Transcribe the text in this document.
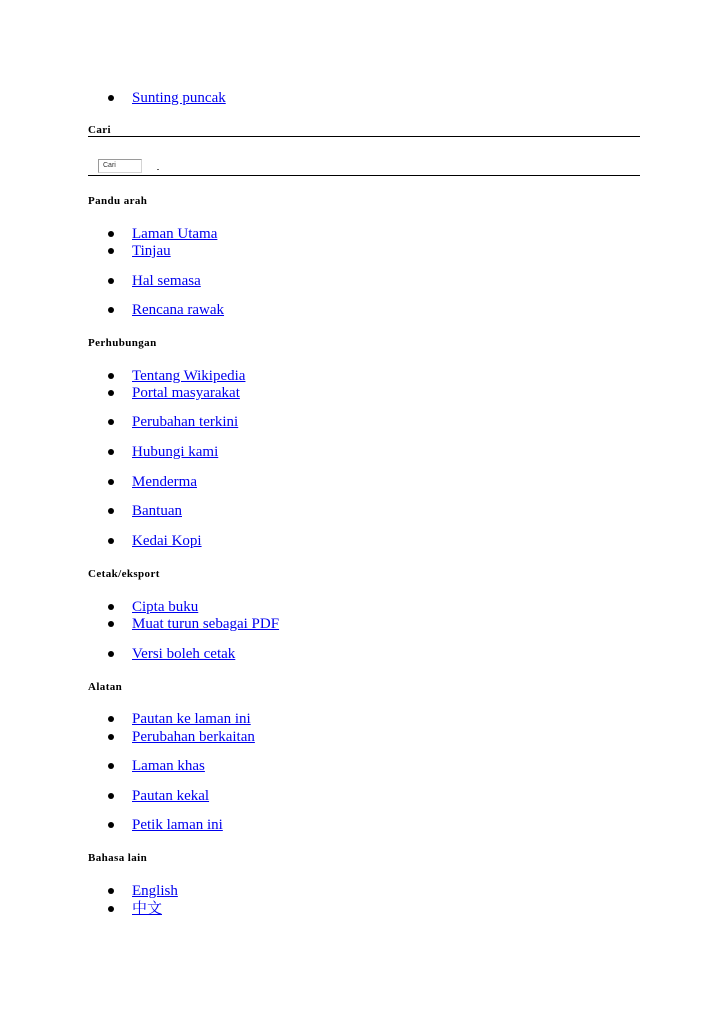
Sunting puncak
Cari
Cari
Pandu arah
Laman Utama
Tinjau
Hal semasa
Rencana rawak
Perhubungan
Tentang Wikipedia
Portal masyarakat
Perubahan terkini
Hubungi kami
Menderma
Bantuan
Kedai Kopi
Cetak/eksport
Cipta buku
Muat turun sebagai PDF
Versi boleh cetak
Alatan
Pautan ke laman ini
Perubahan berkaitan
Laman khas
Pautan kekal
Petik laman ini
Bahasa lain
English
中文
